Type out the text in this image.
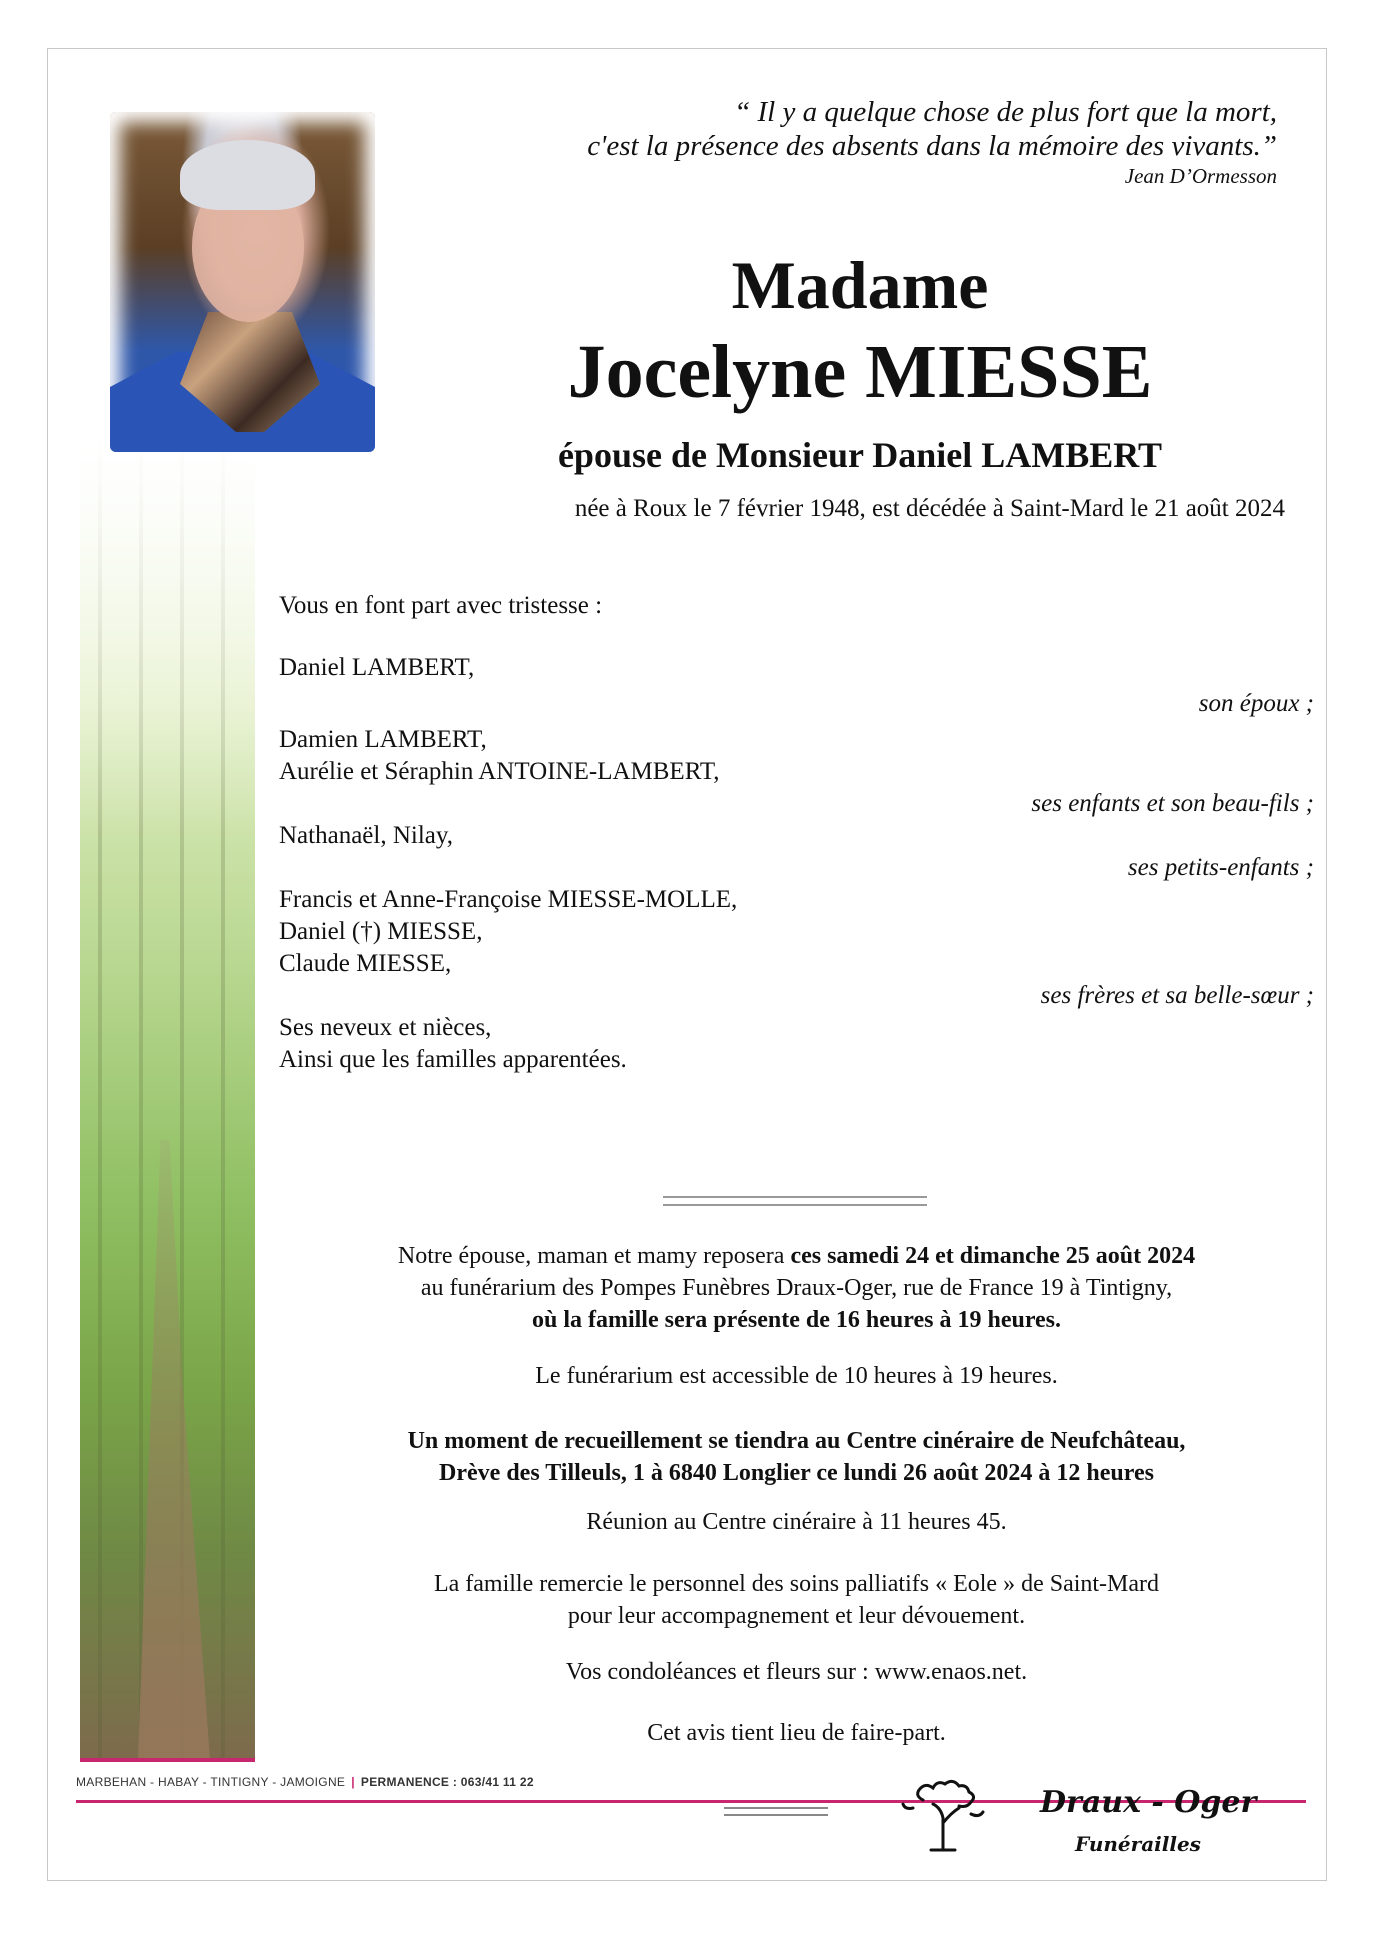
“ Il y a quelque chose de plus fort que la mort,
c'est la présence des absents dans la mémoire des vivants.”
Jean D’Ormesson
Madame
Jocelyne MIESSE
épouse de Monsieur Daniel LAMBERT
née à Roux le 7 février 1948, est décédée à Saint-Mard le 21 août 2024
Vous en font part avec tristesse :
Daniel LAMBERT,
son époux ;
Damien LAMBERT,
Aurélie et Séraphin ANTOINE-LAMBERT,
ses enfants et son beau-fils ;
Nathanaël, Nilay,
ses petits-enfants ;
Francis et Anne-Françoise MIESSE-MOLLE,
Daniel (†) MIESSE,
Claude MIESSE,
ses frères et sa belle-sœur ;
Ses neveux et nièces,
Ainsi que les familles apparentées.
Notre épouse, maman et mamy reposera ces samedi 24 et dimanche 25 août 2024
au funérarium des Pompes Funèbres Draux-Oger, rue de France 19 à Tintigny,
où la famille sera présente de 16 heures à 19 heures.
Le funérarium est accessible de 10 heures à 19 heures.
Un moment de recueillement se tiendra au Centre cinéraire de Neufchâteau,
Drève des Tilleuls, 1 à 6840 Longlier ce lundi 26 août 2024 à 12 heures
Réunion au Centre cinéraire à 11 heures 45.
La famille remercie le personnel des soins palliatifs « Eole » de Saint-Mard
pour leur accompagnement et leur dévouement.
Vos condoléances et fleurs sur : www.enaos.net.
Cet avis tient lieu de faire-part.
MARBEHAN - HABAY - TINTIGNY - JAMOIGNE | PERMANENCE : 063/41 11 22
Draux - Oger
Funérailles
